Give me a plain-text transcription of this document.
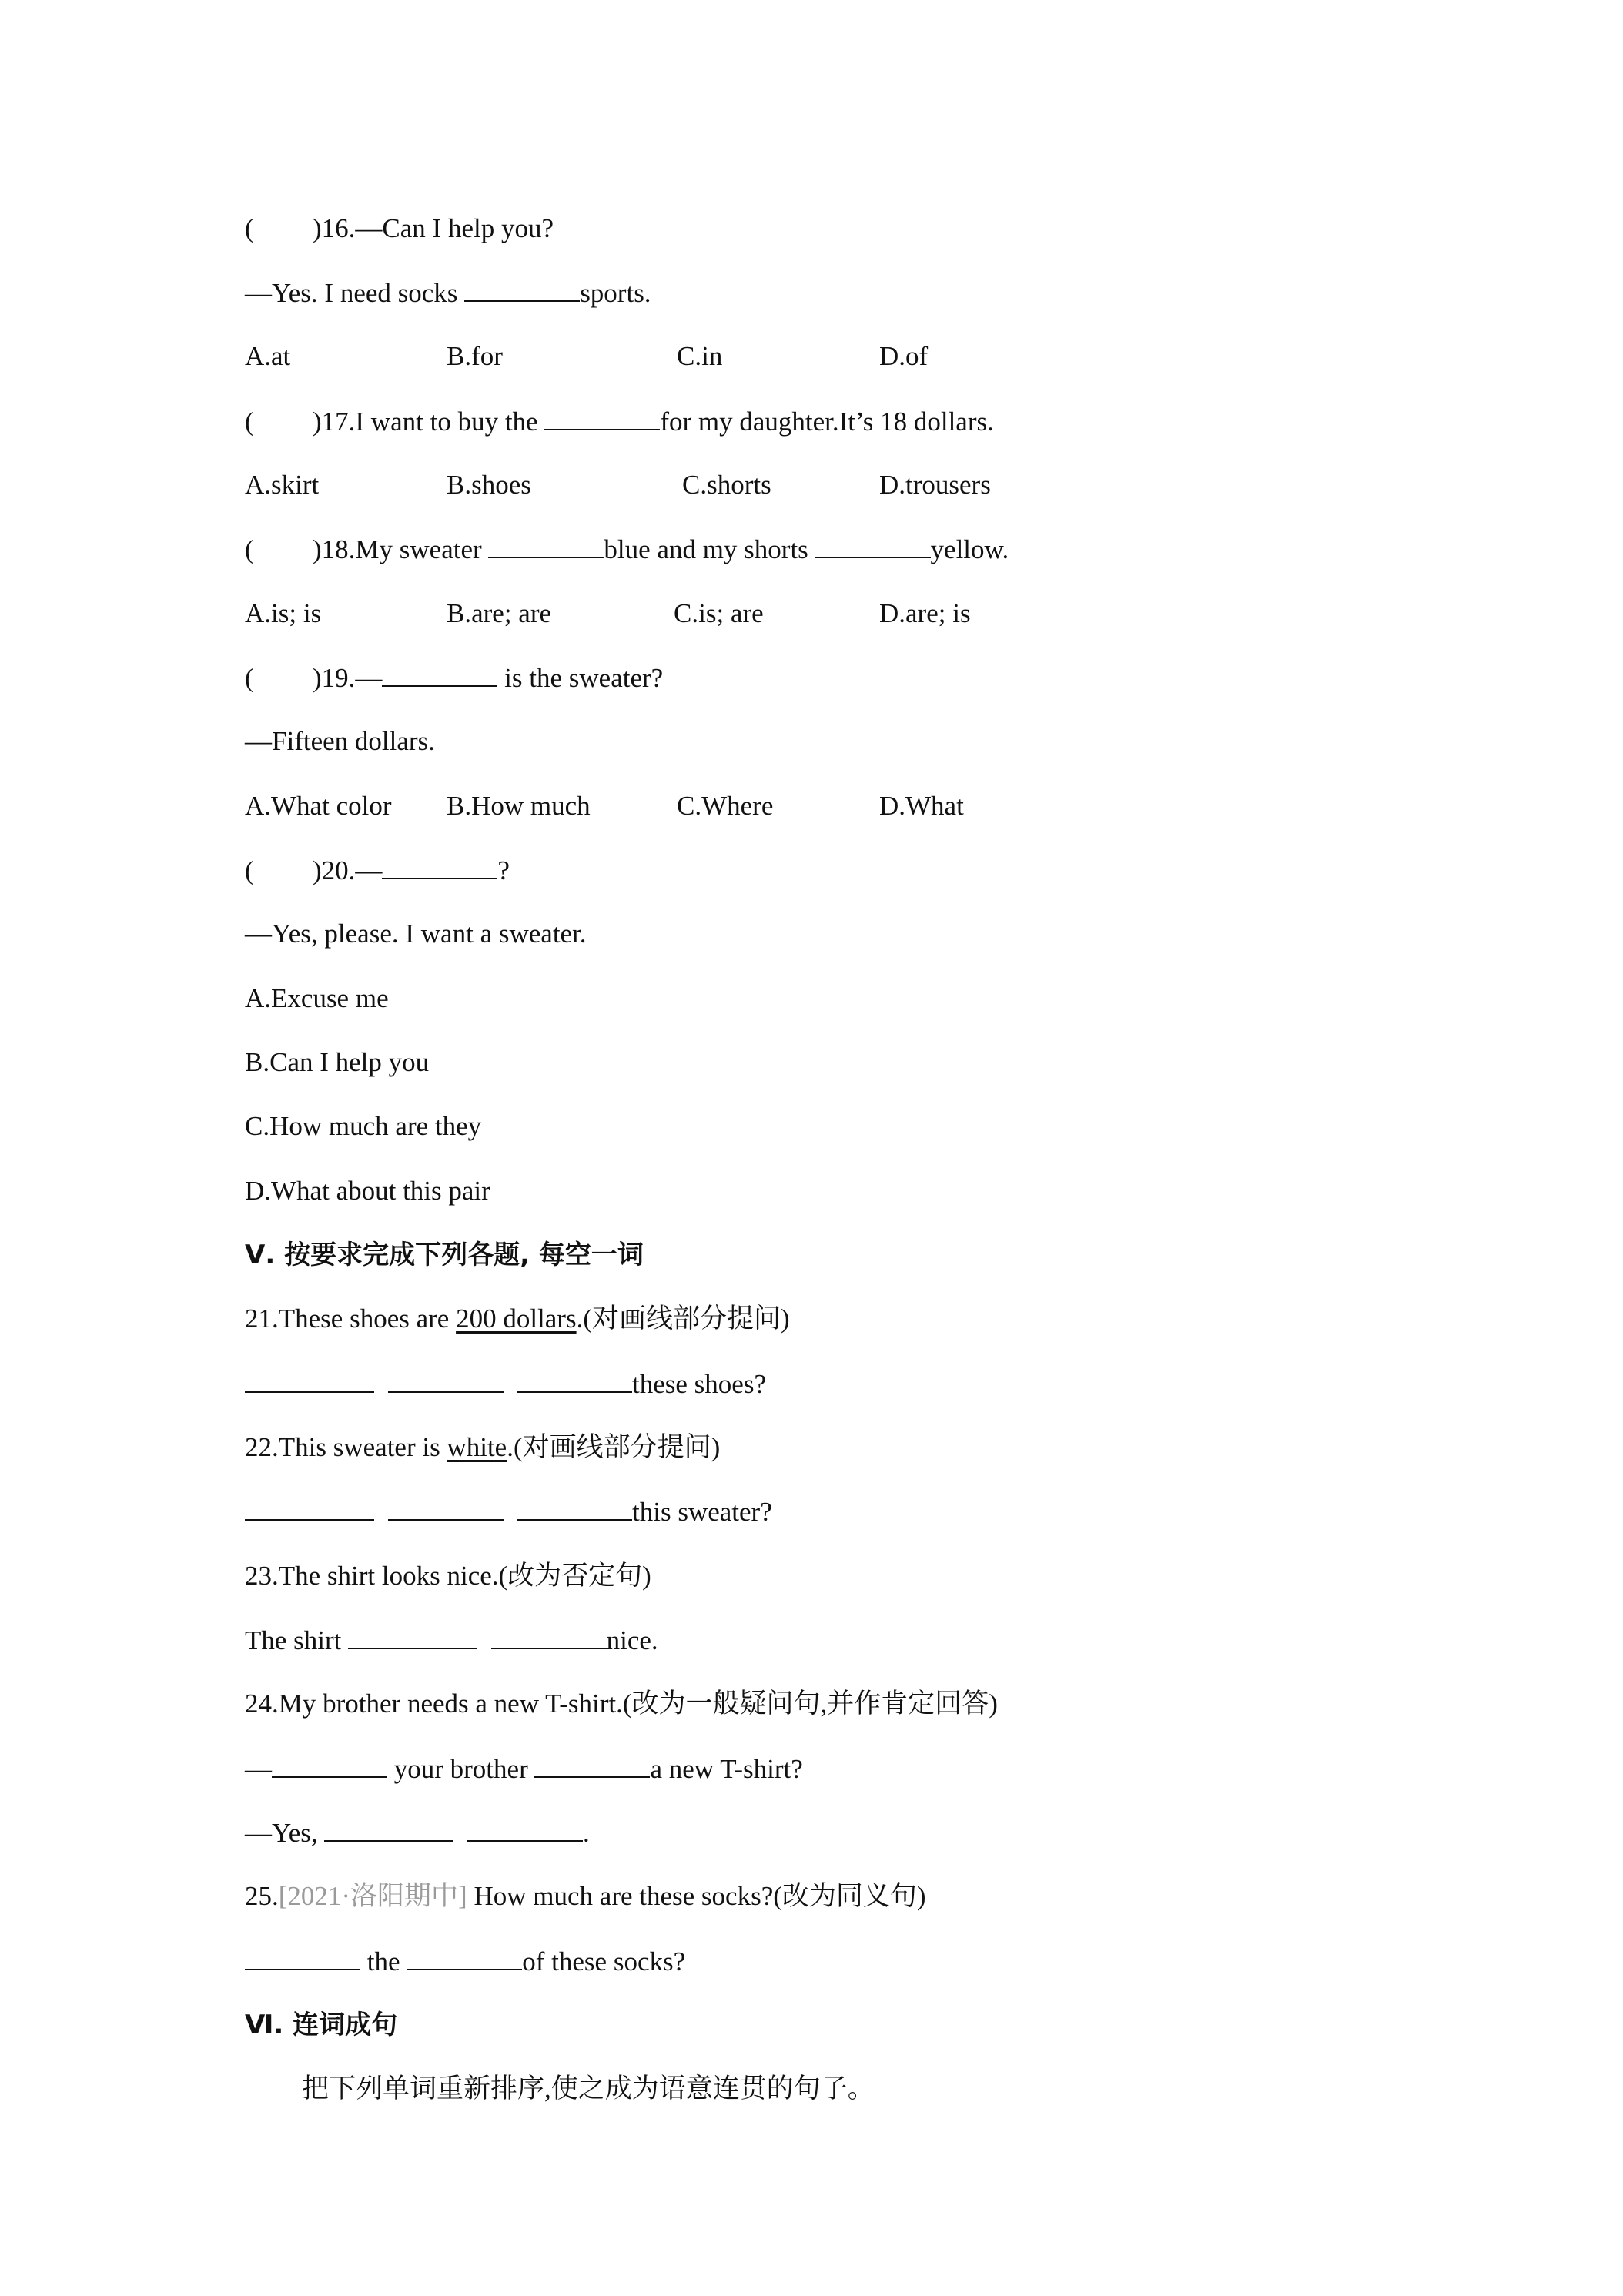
( )16.—Can I help you?
—Yes. I need socks	sports.
A.at	B.for	C.in	D.of
( )17.I want to buy the	for my daughter.It’s 18 dollars.
A.skirt	B.shoes	C.shorts	D.trousers
( )18.My sweater	blue and my shorts	yellow.
A.is; is	B.are; are	C.is; are	D.are; is
( )19.—	is the sweater?
—Fifteen dollars.
A.What color B.How much	C.Where	D.What
( )20.—	?
—Yes, please. I want a sweater.
A.Excuse me
B.Can I help you
C.How much are they
D.What about this pair
Ⅴ. 按要求完成下列各题, 每空一词
21.These shoes are 200 dollars.(对画线部分提问)
these shoes?
22.This sweater is white.(对画线部分提问)
this sweater?
23.The shirt looks nice.(改为否定句)
The shirt	nice.
24.My brother needs a new T-shirt.(改为一般疑问句,并作肯定回答)
—	your brother	a new T-shirt?
—Yes,	.
25.[2021·洛阳期中] How much are these socks?(改为同义句)
the	of these socks?
Ⅵ. 连词成句
把下列单词重新排序,使之成为语意连贯的句子。
